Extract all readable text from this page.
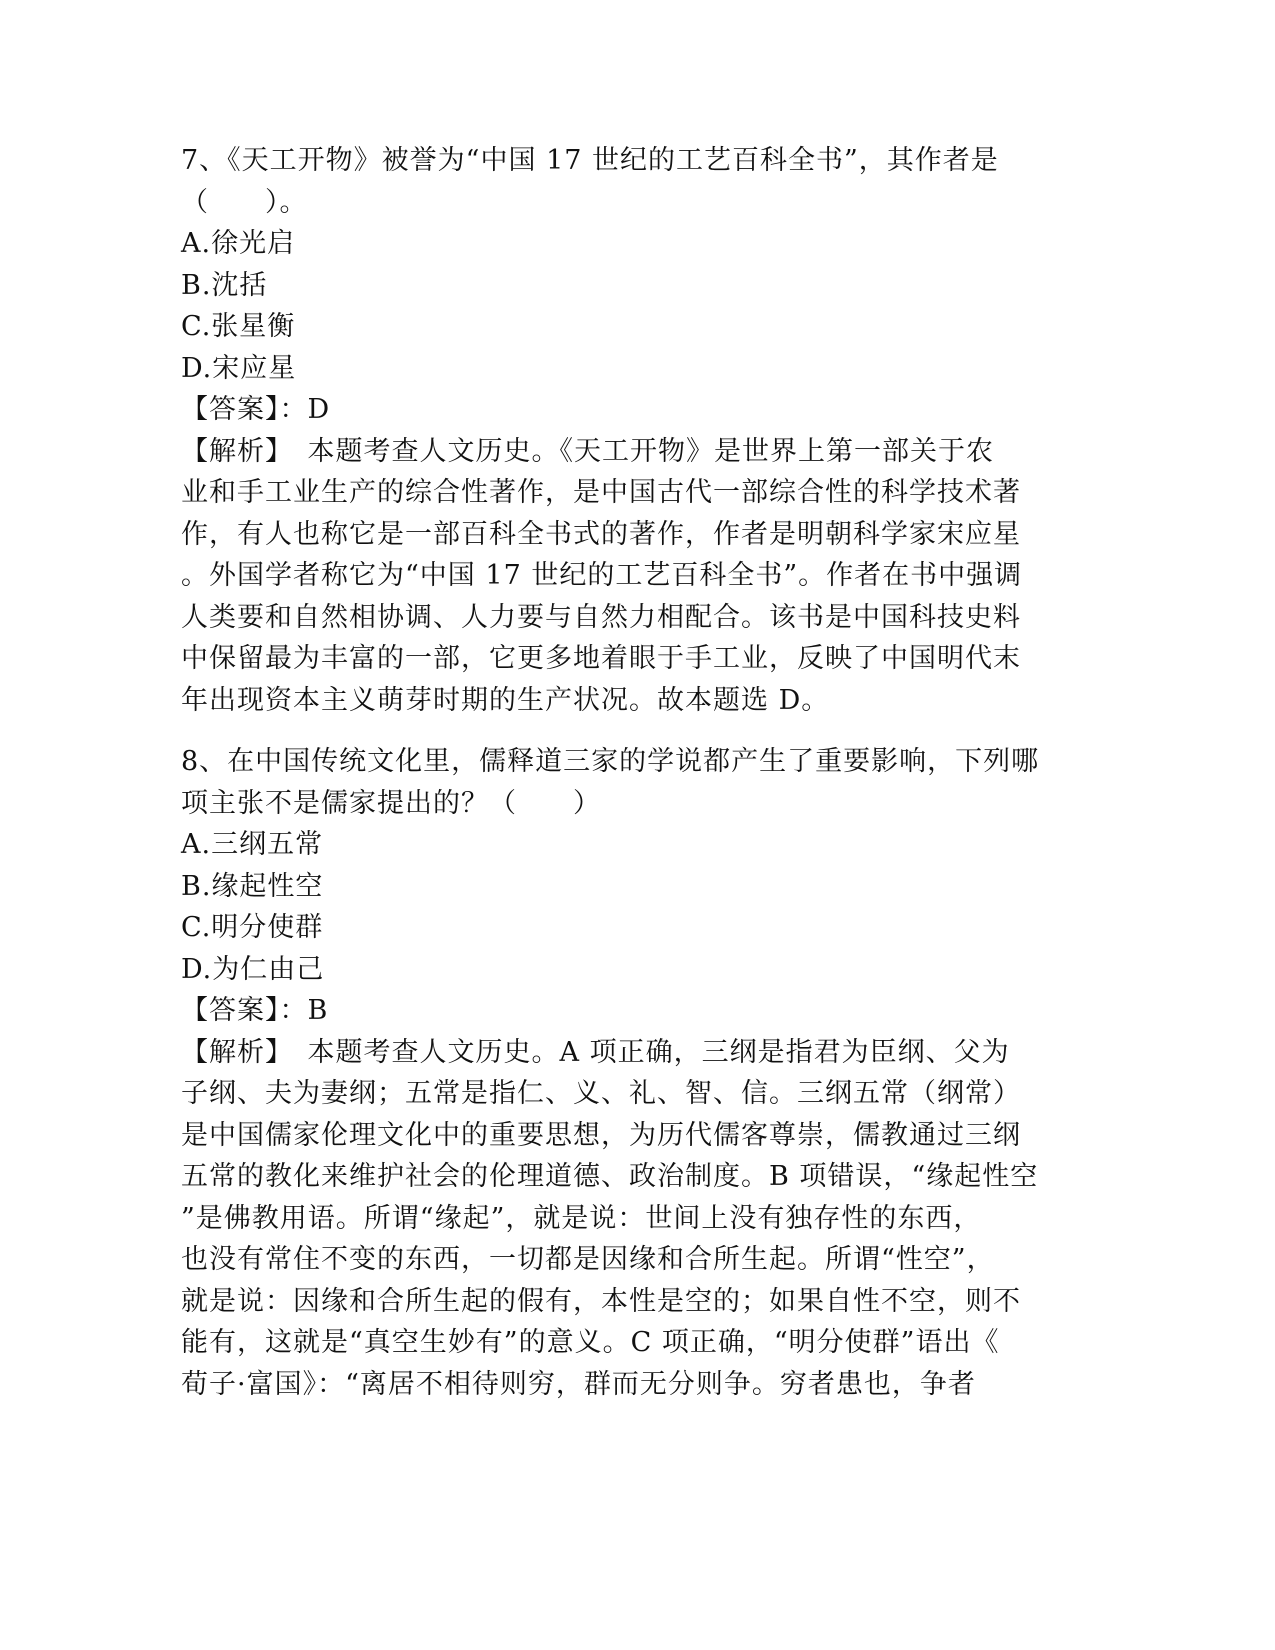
7、《天工开物》被誉为“中国 17 世纪的工艺百科全书”，其作者是
（　　）。
A.徐光启
B.沈括
C.张星衡
D.宋应星
【答案】：D
【解析】　本题考查人文历史。《天工开物》是世界上第一部关于农
业和手工业生产的综合性著作，是中国古代一部综合性的科学技术著
作，有人也称它是一部百科全书式的著作，作者是明朝科学家宋应星
。外国学者称它为“中国 17 世纪的工艺百科全书”。作者在书中强调
人类要和自然相协调、人力要与自然力相配合。该书是中国科技史料
中保留最为丰富的一部，它更多地着眼于手工业，反映了中国明代末
年出现资本主义萌芽时期的生产状况。故本题选 D。
8、在中国传统文化里，儒释道三家的学说都产生了重要影响，下列哪
项主张不是儒家提出的？（　　）
A.三纲五常
B.缘起性空
C.明分使群
D.为仁由己
【答案】：B
【解析】　本题考查人文历史。A 项正确，三纲是指君为臣纲、父为
子纲、夫为妻纲；五常是指仁、义、礼、智、信。三纲五常（纲常）
是中国儒家伦理文化中的重要思想，为历代儒客尊崇，儒教通过三纲
五常的教化来维护社会的伦理道德、政治制度。B 项错误，“缘起性空
”是佛教用语。所谓“缘起”，就是说：世间上没有独存性的东西，
也没有常住不变的东西，一切都是因缘和合所生起。所谓“性空”，
就是说：因缘和合所生起的假有，本性是空的；如果自性不空，则不
能有，这就是“真空生妙有”的意义。C 项正确，“明分使群”语出《
荀子·富国》：“离居不相待则穷，群而无分则争。穷者患也，争者
